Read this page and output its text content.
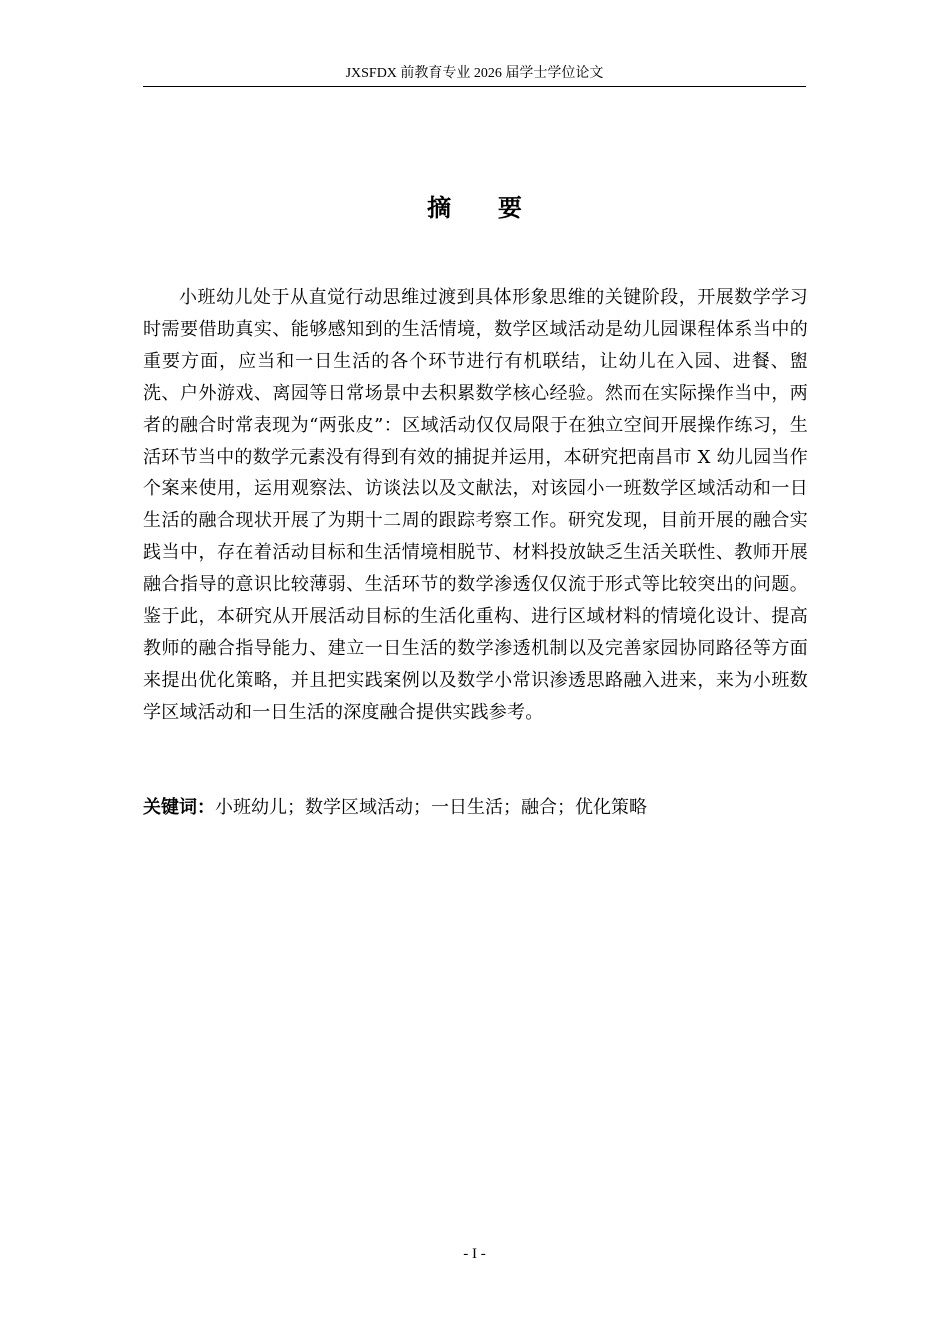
JXSFDX 前教育专业 2026 届学士学位论文
摘 要

小班幼儿处于从直觉行动思维过渡到具体形象思维的关键阶段，开展数学学习时需要借助真实、能够感知到的生活情境，数学区域活动是幼儿园课程体系当中的重要方面，应当和一日生活的各个环节进行有机联结，让幼儿在入园、进餐、盥洗、户外游戏、离园等日常场景中去积累数学核心经验。然而在实际操作当中，两者的融合时常表现为“两张皮”：区域活动仅仅局限于在独立空间开展操作练习，生活环节当中的数学元素没有得到有效的捕捉并运用，本研究把南昌市 X 幼儿园当作个案来使用，运用观察法、访谈法以及文献法，对该园小一班数学区域活动和一日生活的融合现状开展了为期十二周的跟踪考察工作。研究发现，目前开展的融合实践当中，存在着活动目标和生活情境相脱节、材料投放缺乏生活关联性、教师开展融合指导的意识比较薄弱、生活环节的数学渗透仅仅流于形式等比较突出的问题。鉴于此，本研究从开展活动目标的生活化重构、进行区域材料的情境化设计、提高教师的融合指导能力、建立一日生活的数学渗透机制以及完善家园协同路径等方面来提出优化策略，并且把实践案例以及数学小常识渗透思路融入进来，来为小班数学区域活动和一日生活的深度融合提供实践参考。

关键词：小班幼儿；数学区域活动；一日生活；融合；优化策略

- I -
